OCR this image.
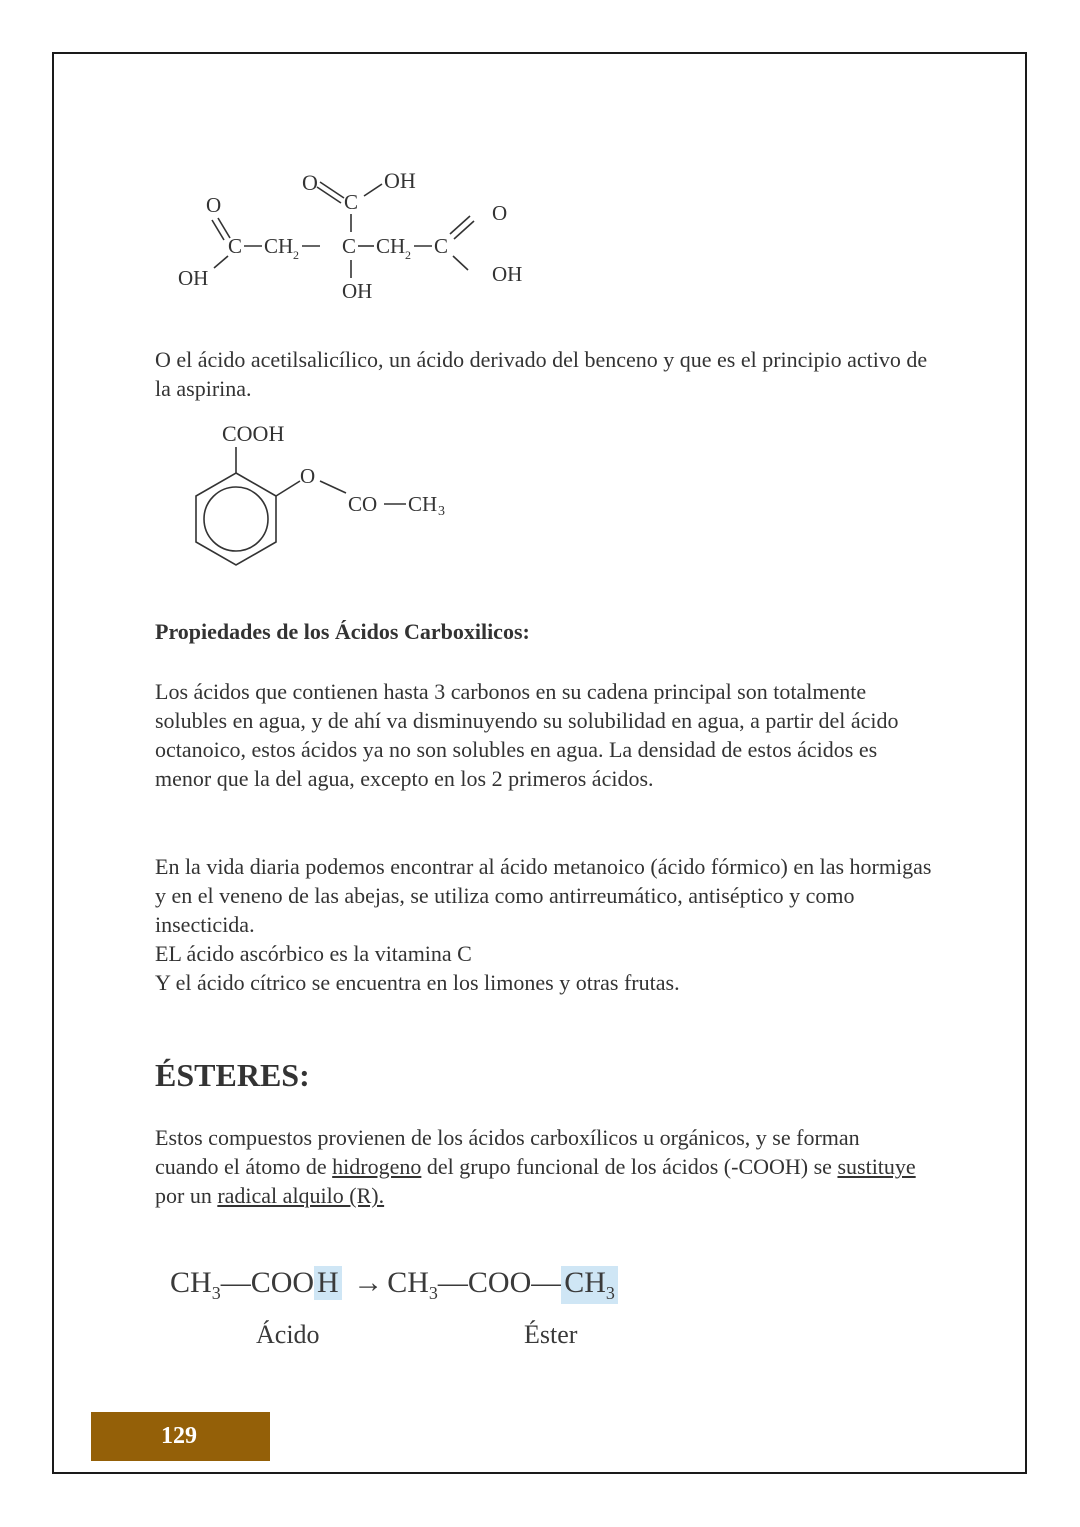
O	OH
C
O
C CH 2 C CH 2 C
O
OH
OH
OH

O el ácido acetilsalicílico, un ácido derivado del benceno y que es el principio activo de la aspirina.

COOH
O
CO CH 3
Propiedades de los Ácidos Carboxilicos:

Los ácidos que contienen hasta 3 carbonos en su cadena principal son totalmente solubles en agua, y de ahí va disminuyendo su solubilidad en agua, a partir del ácido octanoico, estos ácidos ya no son solubles en agua. La densidad de estos ácidos es menor que la del agua, excepto en los 2 primeros ácidos.

En la vida diaria podemos encontrar al ácido metanoico (ácido fórmico) en las hormigas y en el veneno de las abejas, se utiliza como antirreumático, antiséptico y como insecticida.

EL ácido ascórbico es la vitamina C

Y el ácido cítrico se encuentra en los limones y otras frutas.

ÉSTERES:

Estos compuestos provienen de los ácidos carboxílicos u orgánicos, y se forman cuando el átomo de hidrogeno del grupo funcional de los ácidos (-COOH) se sustituye por un radical alquilo (R).

$CH_3—COO$ $H \to CH_3—COO—$ $CH_3$
Ácido	Éster
129
